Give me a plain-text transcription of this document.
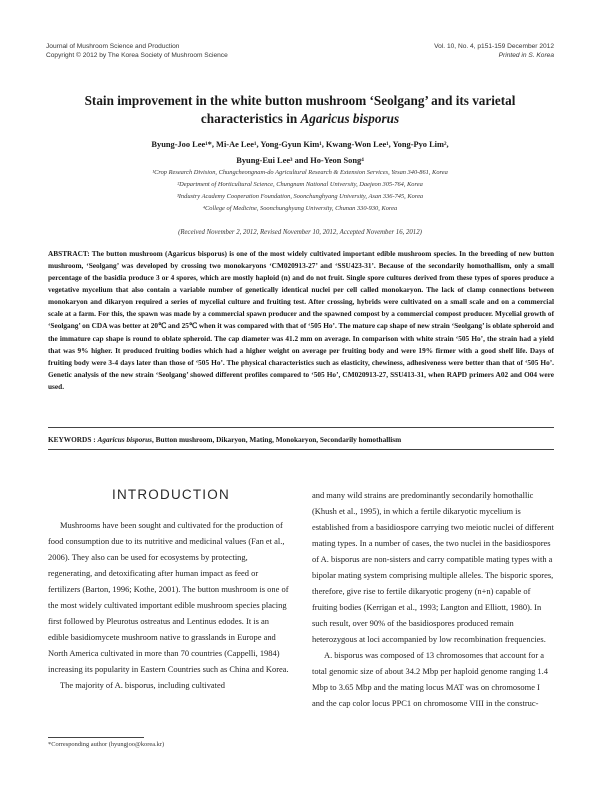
Journal of Mushroom Science and Production
Copyright © 2012 by The Korea Society of Mushroom Science
Vol. 10, No. 4, p151-159 December 2012
Printed in S. Korea
Stain improvement in the white button mushroom ‘Seolgang’ and its varietal
characteristics in Agaricus bisporus
Byung-Joo Lee¹*, Mi-Ae Lee¹, Yong-Gyun Kim¹, Kwang-Won Lee¹, Yong-Pyo Lim²,
Byung-Eui Lee³ and Ho-Yeon Song⁴
¹Crop Research Division, Chungcheongnam-do Agricultural Research & Extension Services, Yesan 340-861, Korea
²Department of Horticultural Science, Chungnam National University, Daejeon 305-764, Korea
³Industry Academy Cooperation Foundation, Soonchunghyang University, Asan 336-745, Korea
⁴College of Medicine, Soonchunghyang University, Chunan 330-930, Korea
(Received November 2, 2012, Revised November 10, 2012, Accepted November 16, 2012)
ABSTRACT: The button mushroom (Agaricus bisporus) is one of the most widely cultivated important edible mushroom species. In the breeding of new button mushroom, ‘Seolgang’ was developed by crossing two monokaryons ‘CM020913-27’ and ‘SSU423-31’. Because of the secondarily homothallism, only a small percentage of the basidia produce 3 or 4 spores, which are mostly haploid (n) and do not fruit. Single spore cultures derived from these types of spores produce a vegetative mycelium that also contain a variable number of genetically identical nuclei per cell called monokaryon. The lack of clamp connections between monokaryon and dikaryon required a series of mycelial culture and fruiting test. After crossing, hybrids were cultivated on a small scale and on a commercial scale at a farm. For this, the spawn was made by a commercial spawn producer and the spawned compost by a commercial compost producer. Mycelial growth of ‘Seolgang’ on CDA was better at 20℃ and 25℃ when it was compared with that of ‘505 Ho’. The mature cap shape of new strain ‘Seolgang’ is oblate spheroid and the immature cap shape is round to oblate spheroid. The cap diameter was 41.2 mm on average. In comparison with white strain ‘505 Ho’, the strain had a yield that was 9% higher. It produced fruiting bodies which had a higher weight on average per fruiting body and were 19% firmer with a good shelf life. Days of fruiting body were 3-4 days later than those of ‘505 Ho’. The physical characteristics such as elasticity, chewiness, adhesiveness were better than that of ‘505 Ho’. Genetic analysis of the new strain ‘Seolgang’ showed different profiles compared to ‘505 Ho’, CM020913-27, SSU413-31, when RAPD primers A02 and O04 were used.
KEYWORDS : Agaricus bisporus, Button mushroom, Dikaryon, Mating, Monokaryon, Secondarily homothallism
INTRODUCTION

Mushrooms have been sought and cultivated for the production of food consumption due to its nutritive and medicinal values (Fan et al., 2006). They also can be used for ecosystems by protecting, regenerating, and detoxificating after human impact as feed or fertilizers (Barton, 1996; Kothe, 2001). The button mushroom is one of the most widely cultivated important edible mushroom species placing first followed by Pleurotus ostreatus and Lentinus edodes. It is an edible basidiomycete mushroom native to grasslands in Europe and North America cultivated in more than 70 countries (Cappelli, 1984) increasing its popularity in Eastern Countries such as China and Korea.

The majority of A. bisporus, including cultivated

and many wild strains are predominantly secondarily homothallic (Khush et al., 1995), in which a fertile dikaryotic mycelium is established from a basidiospore carrying two meiotic nuclei of different mating types. In a number of cases, the two nuclei in the basidiospores of A. bisporus are non-sisters and carry compatible mating types with a bipolar mating system comprising multiple alleles. The bisporic spores, therefore, give rise to fertile dikaryotic progeny (n+n) capable of fruiting bodies (Kerrigan et al., 1993; Langton and Elliott, 1980). In such result, over 90% of the basidiospores produced remain heterozygous at loci accompanied by low recombination frequencies.

A. bisporus was composed of 13 chromosomes that account for a total genomic size of about 34.2 Mbp per haploid genome ranging 1.4 Mbp to 3.65 Mbp and the mating locus MAT was on chromosome I and the cap color locus PPC1 on chromosome VIII in the construc-

*Corresponding author (hyungjoo@korea.kr)
